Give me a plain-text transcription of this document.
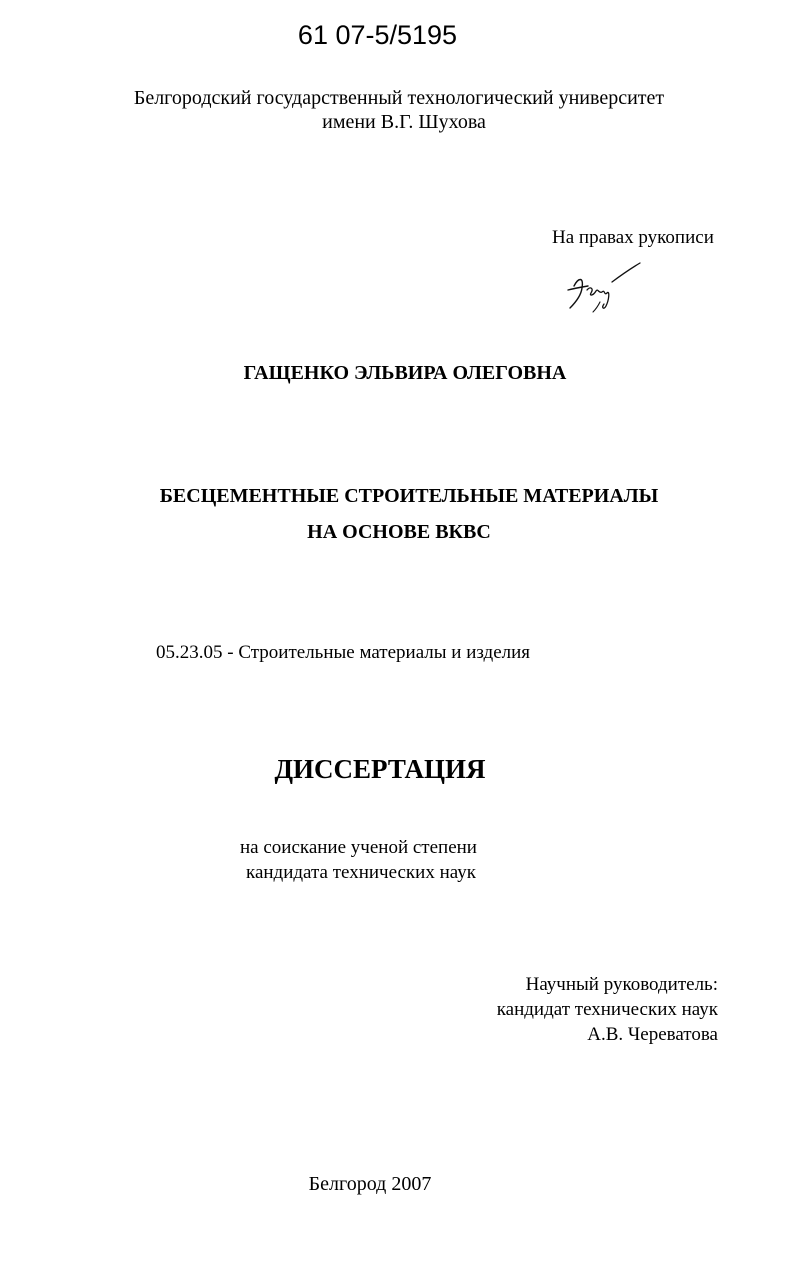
61 07-5/5195
Белгородский государственный технологический университет
имени В.Г. Шухова
На правах рукописи
ГАЩЕНКО ЭЛЬВИРА ОЛЕГОВНА
БЕСЦЕМЕНТНЫЕ СТРОИТЕЛЬНЫЕ МАТЕРИАЛЫ
НА ОСНОВЕ ВКВС
05.23.05 - Строительные материалы и изделия
ДИССЕРТАЦИЯ
на соискание ученой степени
кандидата технических наук
Научный руководитель:
кандидат технических наук
А.В. Череватова
Белгород 2007
